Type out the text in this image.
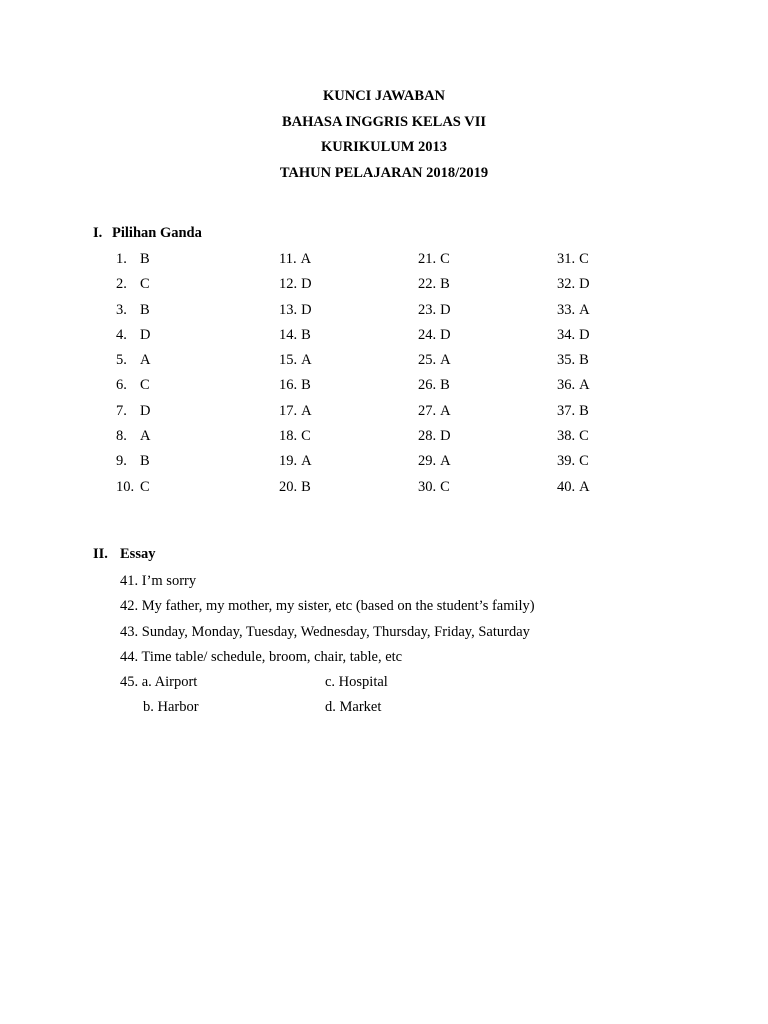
KUNCI JAWABAN
BAHASA INGGRIS KELAS VII
KURIKULUM 2013
TAHUN PELAJARAN 2018/2019
I. Pilihan Ganda
1. B
2. C
3. B
4. D
5. A
6. C
7. D
8. A
9. B
10. C
11. A
12. D
13. D
14. B
15. A
16. B
17. A
18. C
19. A
20. B
21. C
22. B
23. D
24. D
25. A
26. B
27. A
28. D
29. A
30. C
31. C
32. D
33. A
34. D
35. B
36. A
37. B
38. C
39. C
40. A
II. Essay
41. I’m sorry
42. My father, my mother, my sister, etc (based on the student’s family)
43. Sunday, Monday, Tuesday, Wednesday, Thursday, Friday, Saturday
44. Time table/ schedule, broom, chair, table, etc
45. a. Airport	c. Hospital
b. Harbor	d. Market
